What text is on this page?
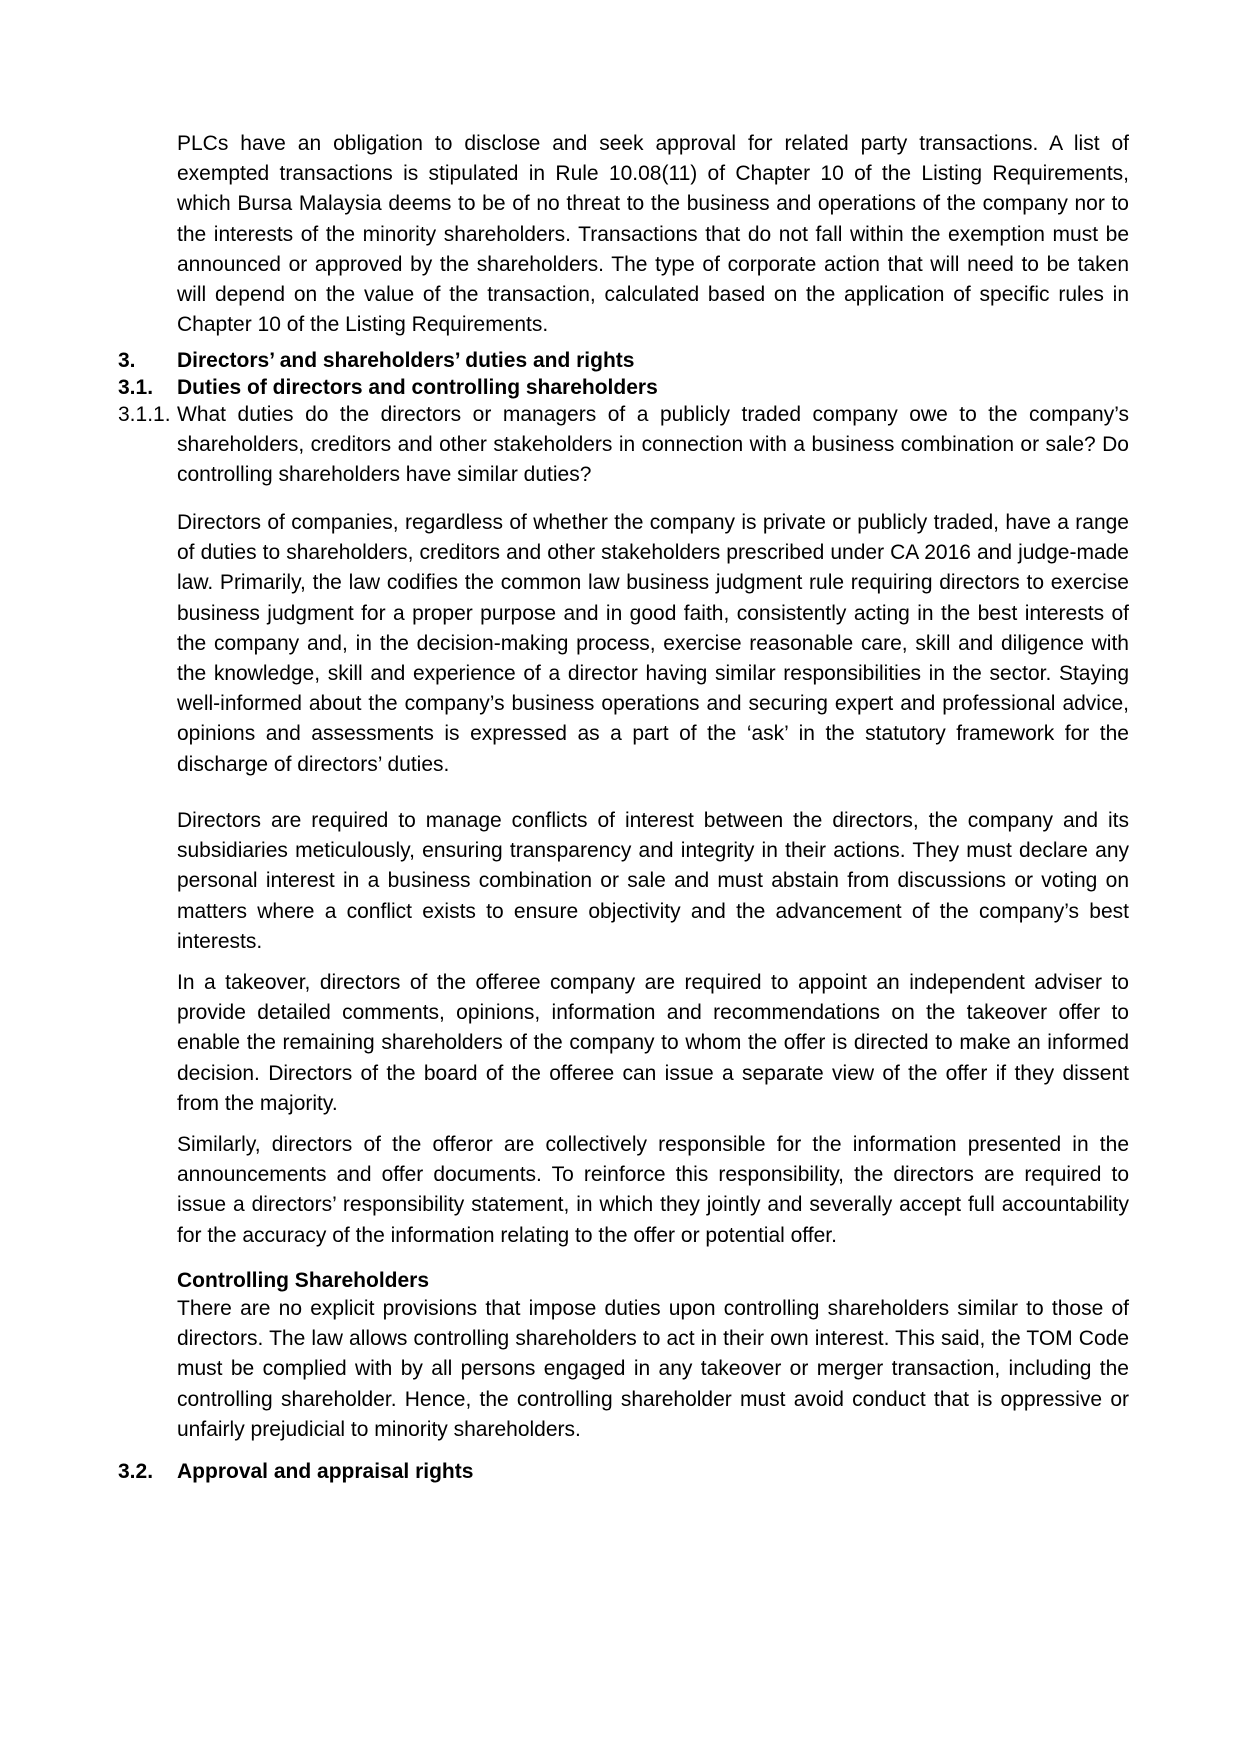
PLCs have an obligation to disclose and seek approval for related party transactions. A list of exempted transactions is stipulated in Rule 10.08(11) of Chapter 10 of the Listing Requirements, which Bursa Malaysia deems to be of no threat to the business and operations of the company nor to the interests of the minority shareholders. Transactions that do not fall within the exemption must be announced or approved by the shareholders. The type of corporate action that will need to be taken will depend on the value of the transaction, calculated based on the application of specific rules in Chapter 10 of the Listing Requirements.

3. Directors’ and shareholders’ duties and rights
3.1. Duties of directors and controlling shareholders
3.1.1. What duties do the directors or managers of a publicly traded company owe to the company’s shareholders, creditors and other stakeholders in connection with a business combination or sale? Do controlling shareholders have similar duties?

Directors of companies, regardless of whether the company is private or publicly traded, have a range of duties to shareholders, creditors and other stakeholders prescribed under CA 2016 and judge-made law. Primarily, the law codifies the common law business judgment rule requiring directors to exercise business judgment for a proper purpose and in good faith, consistently acting in the best interests of the company and, in the decision-making process, exercise reasonable care, skill and diligence with the knowledge, skill and experience of a director having similar responsibilities in the sector. Staying well-informed about the company’s business operations and securing expert and professional advice, opinions and assessments is expressed as a part of the ‘ask’ in the statutory framework for the discharge of directors’ duties.

Directors are required to manage conflicts of interest between the directors, the company and its subsidiaries meticulously, ensuring transparency and integrity in their actions. They must declare any personal interest in a business combination or sale and must abstain from discussions or voting on matters where a conflict exists to ensure objectivity and the advancement of the company’s best interests.

In a takeover, directors of the offeree company are required to appoint an independent adviser to provide detailed comments, opinions, information and recommendations on the takeover offer to enable the remaining shareholders of the company to whom the offer is directed to make an informed decision. Directors of the board of the offeree can issue a separate view of the offer if they dissent from the majority.

Similarly, directors of the offeror are collectively responsible for the information presented in the announcements and offer documents. To reinforce this responsibility, the directors are required to issue a directors’ responsibility statement, in which they jointly and severally accept full accountability for the accuracy of the information relating to the offer or potential offer.

Controlling Shareholders

There are no explicit provisions that impose duties upon controlling shareholders similar to those of directors. The law allows controlling shareholders to act in their own interest. This said, the TOM Code must be complied with by all persons engaged in any takeover or merger transaction, including the controlling shareholder. Hence, the controlling shareholder must avoid conduct that is oppressive or unfairly prejudicial to minority shareholders.

3.2. Approval and appraisal rights
